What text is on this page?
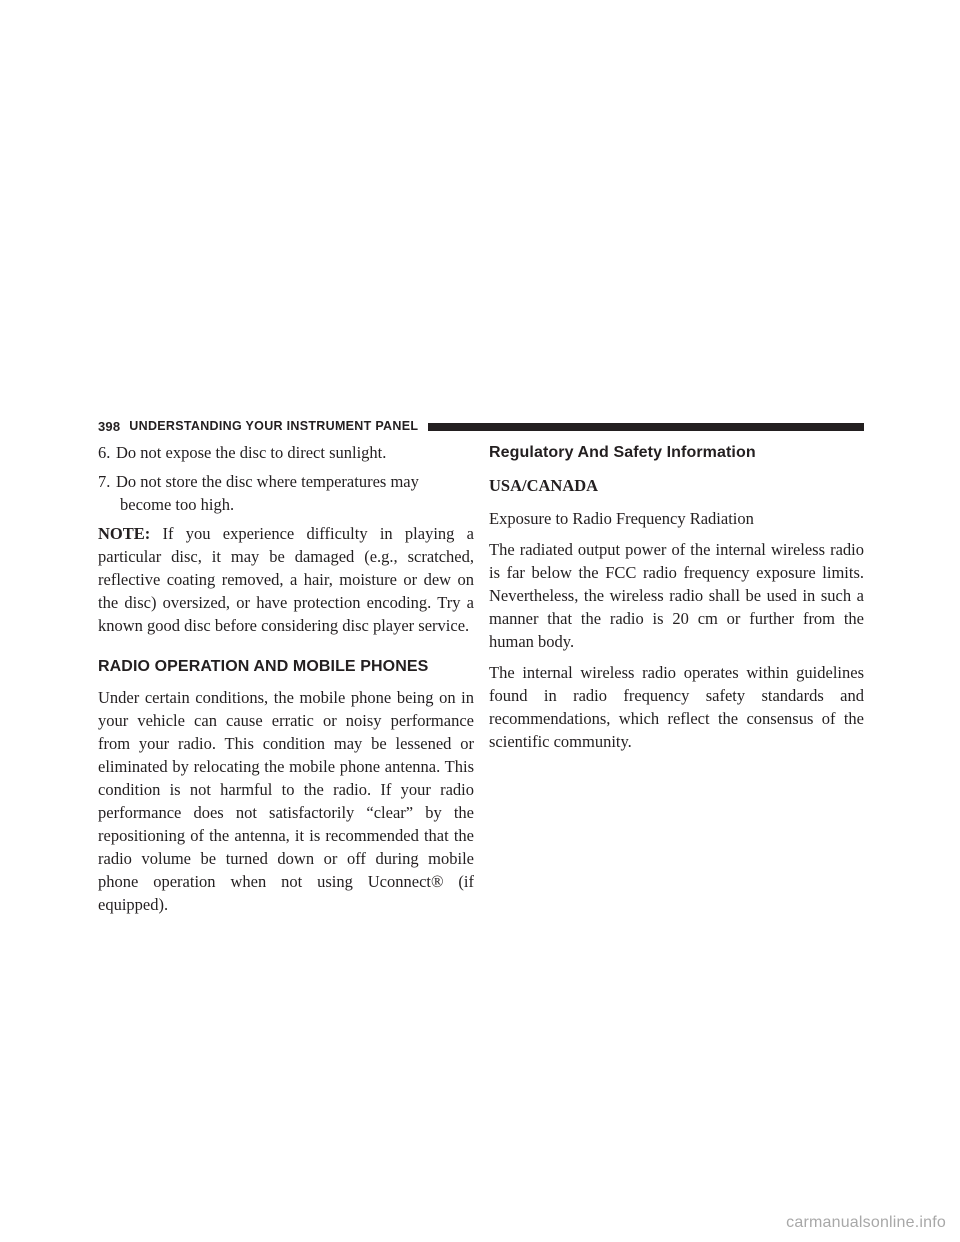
398 UNDERSTANDING YOUR INSTRUMENT PANEL

6. Do not expose the disc to direct sunlight.

7. Do not store the disc where temperatures may become too high.

NOTE: If you experience difficulty in playing a particular disc, it may be damaged (e.g., scratched, reflective coating removed, a hair, moisture or dew on the disc) oversized, or have protection encoding. Try a known good disc before considering disc player service.

RADIO OPERATION AND MOBILE PHONES

Under certain conditions, the mobile phone being on in your vehicle can cause erratic or noisy performance from your radio. This condition may be lessened or eliminated by relocating the mobile phone antenna. This condition is not harmful to the radio. If your radio performance does not satisfactorily “clear” by the repositioning of the antenna, it is recommended that the radio volume be turned down or off during mobile phone operation when not using Uconnect® (if equipped).

Regulatory And Safety Information

USA/CANADA

Exposure to Radio Frequency Radiation

The radiated output power of the internal wireless radio is far below the FCC radio frequency exposure limits. Nevertheless, the wireless radio shall be used in such a manner that the radio is 20 cm or further from the human body.

The internal wireless radio operates within guidelines found in radio frequency safety standards and recommendations, which reflect the consensus of the scientific community.

carmanualsonline.info
